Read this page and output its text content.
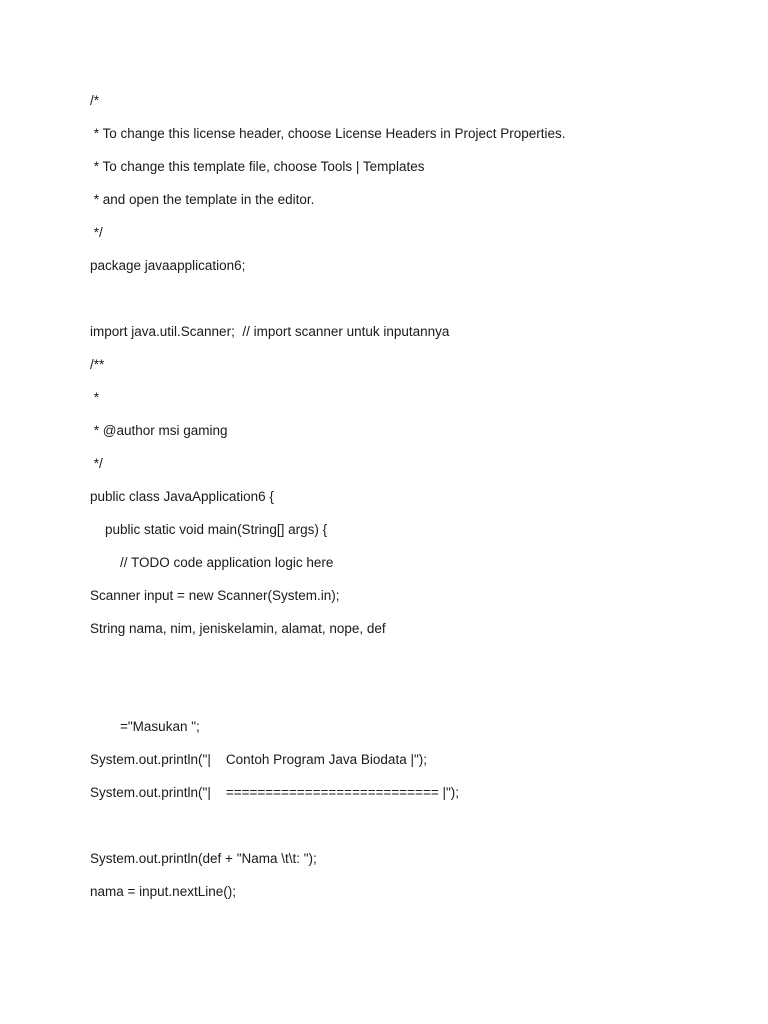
/*

* To change this license header, choose License Headers in Project Properties.

* To change this template file, choose Tools | Templates

* and open the template in the editor.

*/

package javaapplication6;

import java.util.Scanner;  // import scanner untuk inputannya

/**

*

* @author msi gaming

*/

public class JavaApplication6 {

public static void main(String[] args) {

// TODO code application logic here

Scanner input = new Scanner(System.in);

String nama, nim, jeniskelamin, alamat, nope, def

="Masukan ";

System.out.println("|    Contoh Program Java Biodata |");

System.out.println("|    =========================== |");

System.out.println(def + "Nama \t\t: ");

nama = input.nextLine();
